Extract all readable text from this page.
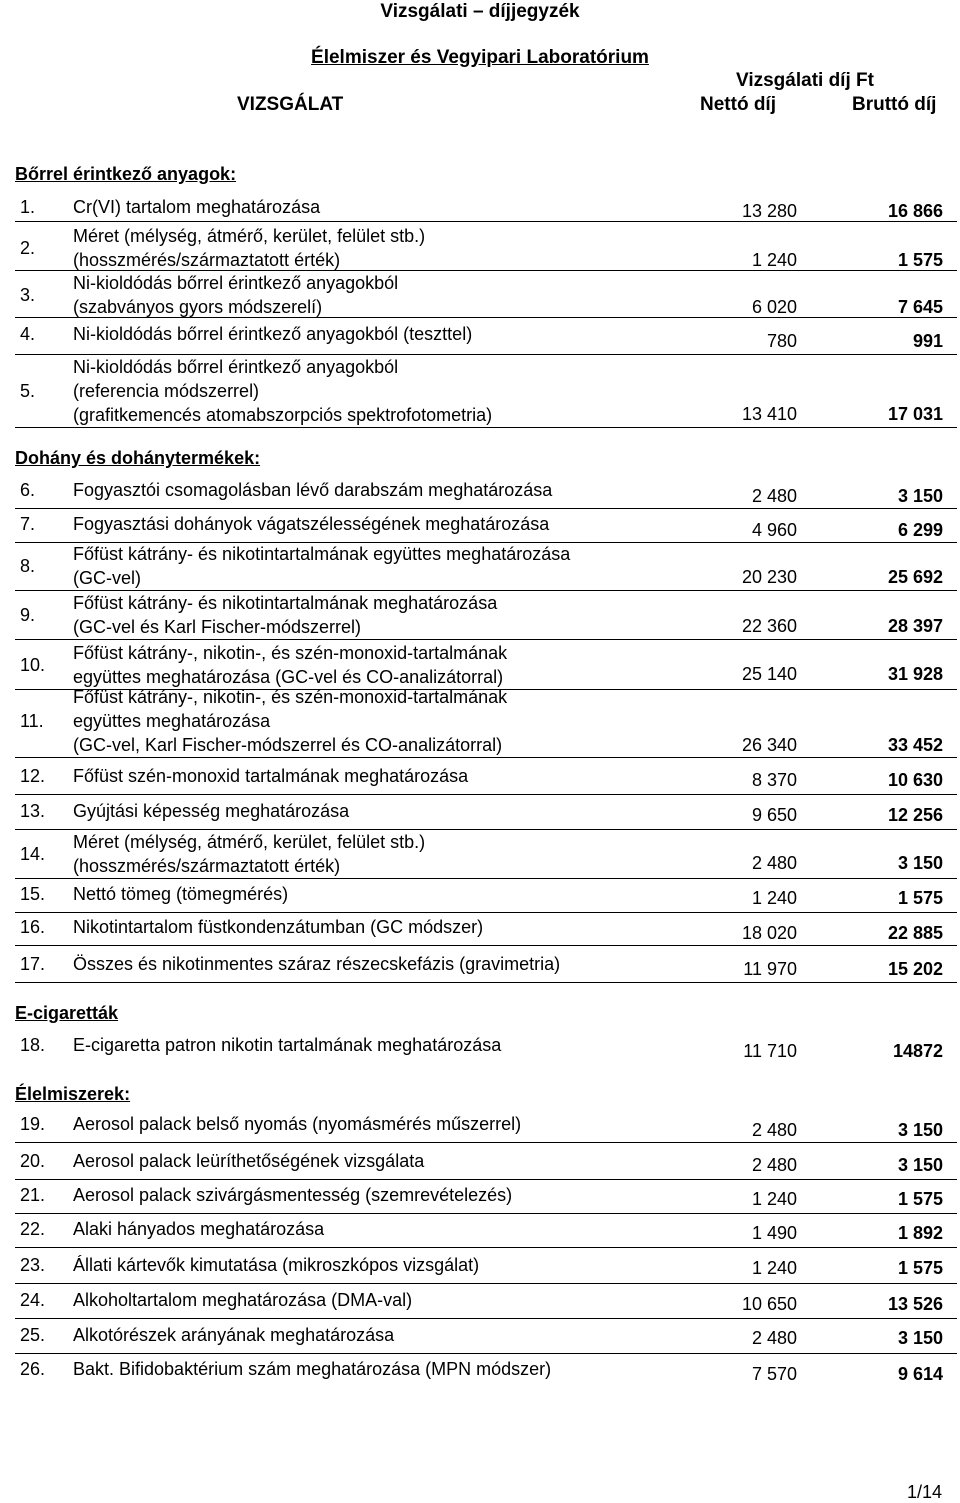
Vizsgálati – díjjegyzék
Élelmiszer és Vegyipari Laboratórium
Vizsgálati díj Ft
VIZSGÁLAT	Nettó díj	Bruttó díj
Bőrrel érintkező anyagok:
Dohány és dohánytermékek:
E-cigaretták
Élelmiszerek:
1. Cr(VI) tartalom meghatározása	13 280	16 866
2.
Méret (mélység, átmérő, kerület, felület stb.)
(hosszmérés/származtatott érték)	1 240	1 575
3.
Ni-kioldódás bőrrel érintkező anyagokból
(szabványos gyors módszerelí)	6 020	7 645
4. Ni-kioldódás bőrrel érintkező anyagokból (teszttel)	780	991
5.
Ni-kioldódás bőrrel érintkező anyagokból
(referencia módszerrel)
(grafitkemencés atomabszorpciós spektrofotometria)	13 410	17 031
6. Fogyasztói csomagolásban lévő darabszám meghatározása	2 480	3 150
7. Fogyasztási dohányok vágatszélességének meghatározása	4 960	6 299
8.
Főfüst kátrány- és nikotintartalmának együttes meghatározása
(GC-vel)	20 230	25 692
9.
Főfüst kátrány- és nikotintartalmának meghatározása
(GC-vel és Karl Fischer-módszerrel)	22 360	28 397
10.
Főfüst kátrány-, nikotin-, és szén-monoxid-tartalmának
együttes meghatározása (GC-vel és CO-analizátorral)	25 140	31 928
11.
Főfüst kátrány-, nikotin-, és szén-monoxid-tartalmának
együttes meghatározása
(GC-vel, Karl Fischer-módszerrel és CO-analizátorral)	26 340	33 452
12. Főfüst szén-monoxid tartalmának meghatározása	8 370	10 630
13. Gyújtási képesség meghatározása	9 650	12 256
14.
Méret (mélység, átmérő, kerület, felület stb.)
(hosszmérés/származtatott érték)	2 480	3 150
15. Nettó tömeg (tömegmérés)	1 240	1 575
16. Nikotintartalom füstkondenzátumban (GC módszer)	18 020	22 885
17. Összes és nikotinmentes száraz részecskefázis (gravimetria)	11 970	15 202
18. E-cigaretta patron nikotin tartalmának meghatározása	11 710	14872
19. Aerosol palack belső nyomás (nyomásmérés műszerrel)	2 480	3 150
20. Aerosol palack leüríthetőségének vizsgálata	2 480	3 150
21. Aerosol palack szivárgásmentesség (szemrevételezés)	1 240	1 575
22. Alaki hányados meghatározása	1 490	1 892
23. Állati kártevők kimutatása (mikroszkópos vizsgálat)	1 240	1 575
24. Alkoholtartalom meghatározása (DMA-val)	10 650	13 526
25. Alkotórészek arányának meghatározása	2 480	3 150
26. Bakt. Bifidobaktérium szám meghatározása (MPN módszer)	7 570	9 614
1/14
